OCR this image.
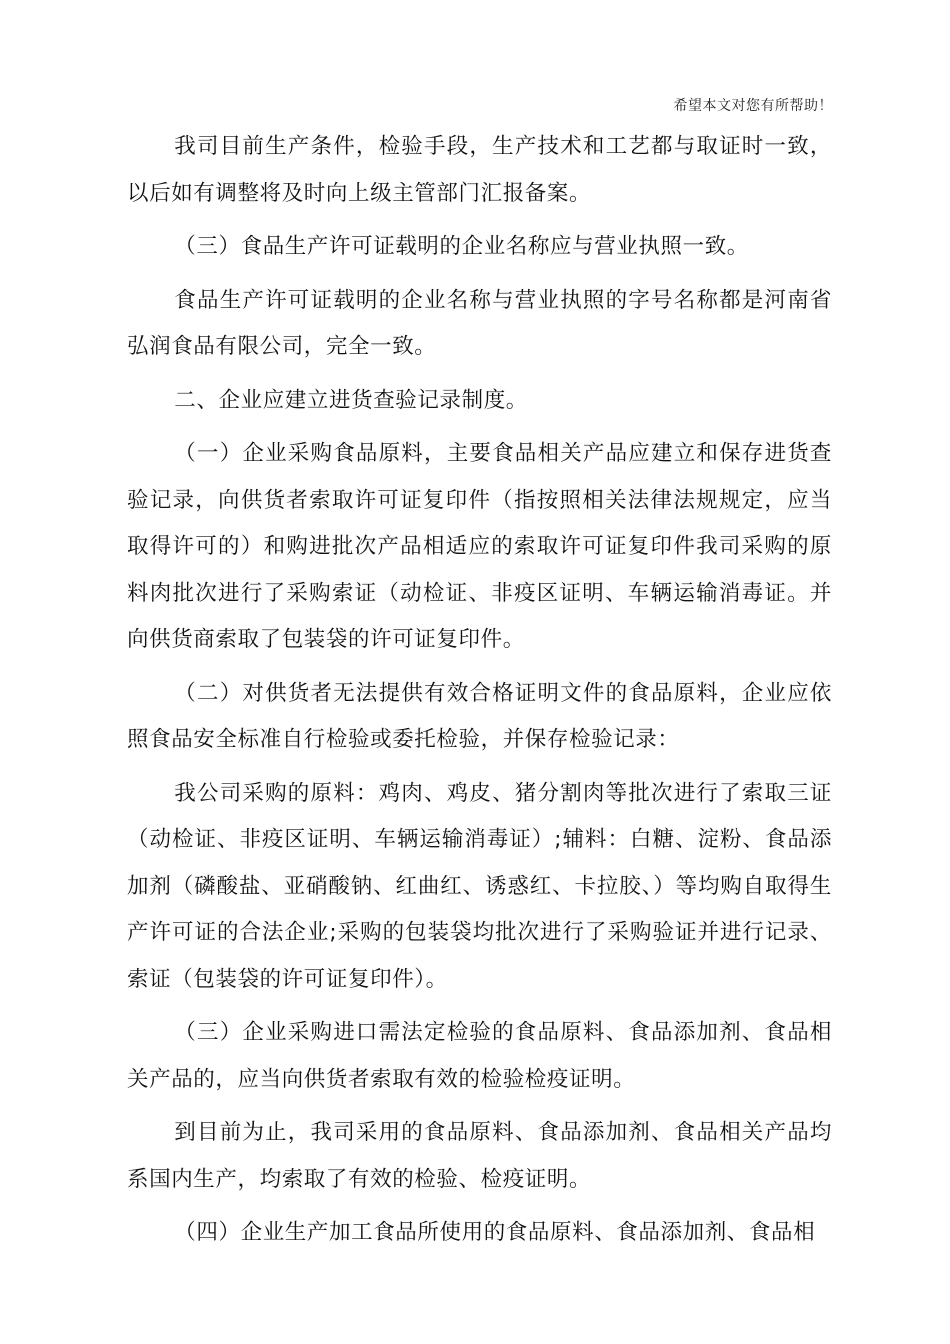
希望本文对您有所帮助！

我司目前生产条件，检验手段，生产技术和工艺都与取证时一致，以后如有调整将及时向上级主管部门汇报备案。

（三）食品生产许可证载明的企业名称应与营业执照一致。

食品生产许可证载明的企业名称与营业执照的字号名称都是河南省弘润食品有限公司，完全一致。

二、企业应建立进货查验记录制度。

（一）企业采购食品原料，主要食品相关产品应建立和保存进货查验记录，向供货者索取许可证复印件（指按照相关法律法规规定，应当取得许可的）和购进批次产品相适应的索取许可证复印件我司采购的原料肉批次进行了采购索证（动检证、非疫区证明、车辆运输消毒证。并向供货商索取了包装袋的许可证复印件。

（二）对供货者无法提供有效合格证明文件的食品原料，企业应依照食品安全标准自行检验或委托检验，并保存检验记录：

我公司采购的原料：鸡肉、鸡皮、猪分割肉等批次进行了索取三证（动检证、非疫区证明、车辆运输消毒证）;辅料：白糖、淀粉、食品添加剂（磷酸盐、亚硝酸钠、红曲红、诱惑红、卡拉胶、）等均购自取得生产许可证的合法企业;采购的包装袋均批次进行了采购验证并进行记录、索证（包装袋的许可证复印件）。

（三）企业采购进口需法定检验的食品原料、食品添加剂、食品相关产品的，应当向供货者索取有效的检验检疫证明。

到目前为止，我司采用的食品原料、食品添加剂、食品相关产品均系国内生产，均索取了有效的检验、检疫证明。

（四）企业生产加工食品所使用的食品原料、食品添加剂、食品相
